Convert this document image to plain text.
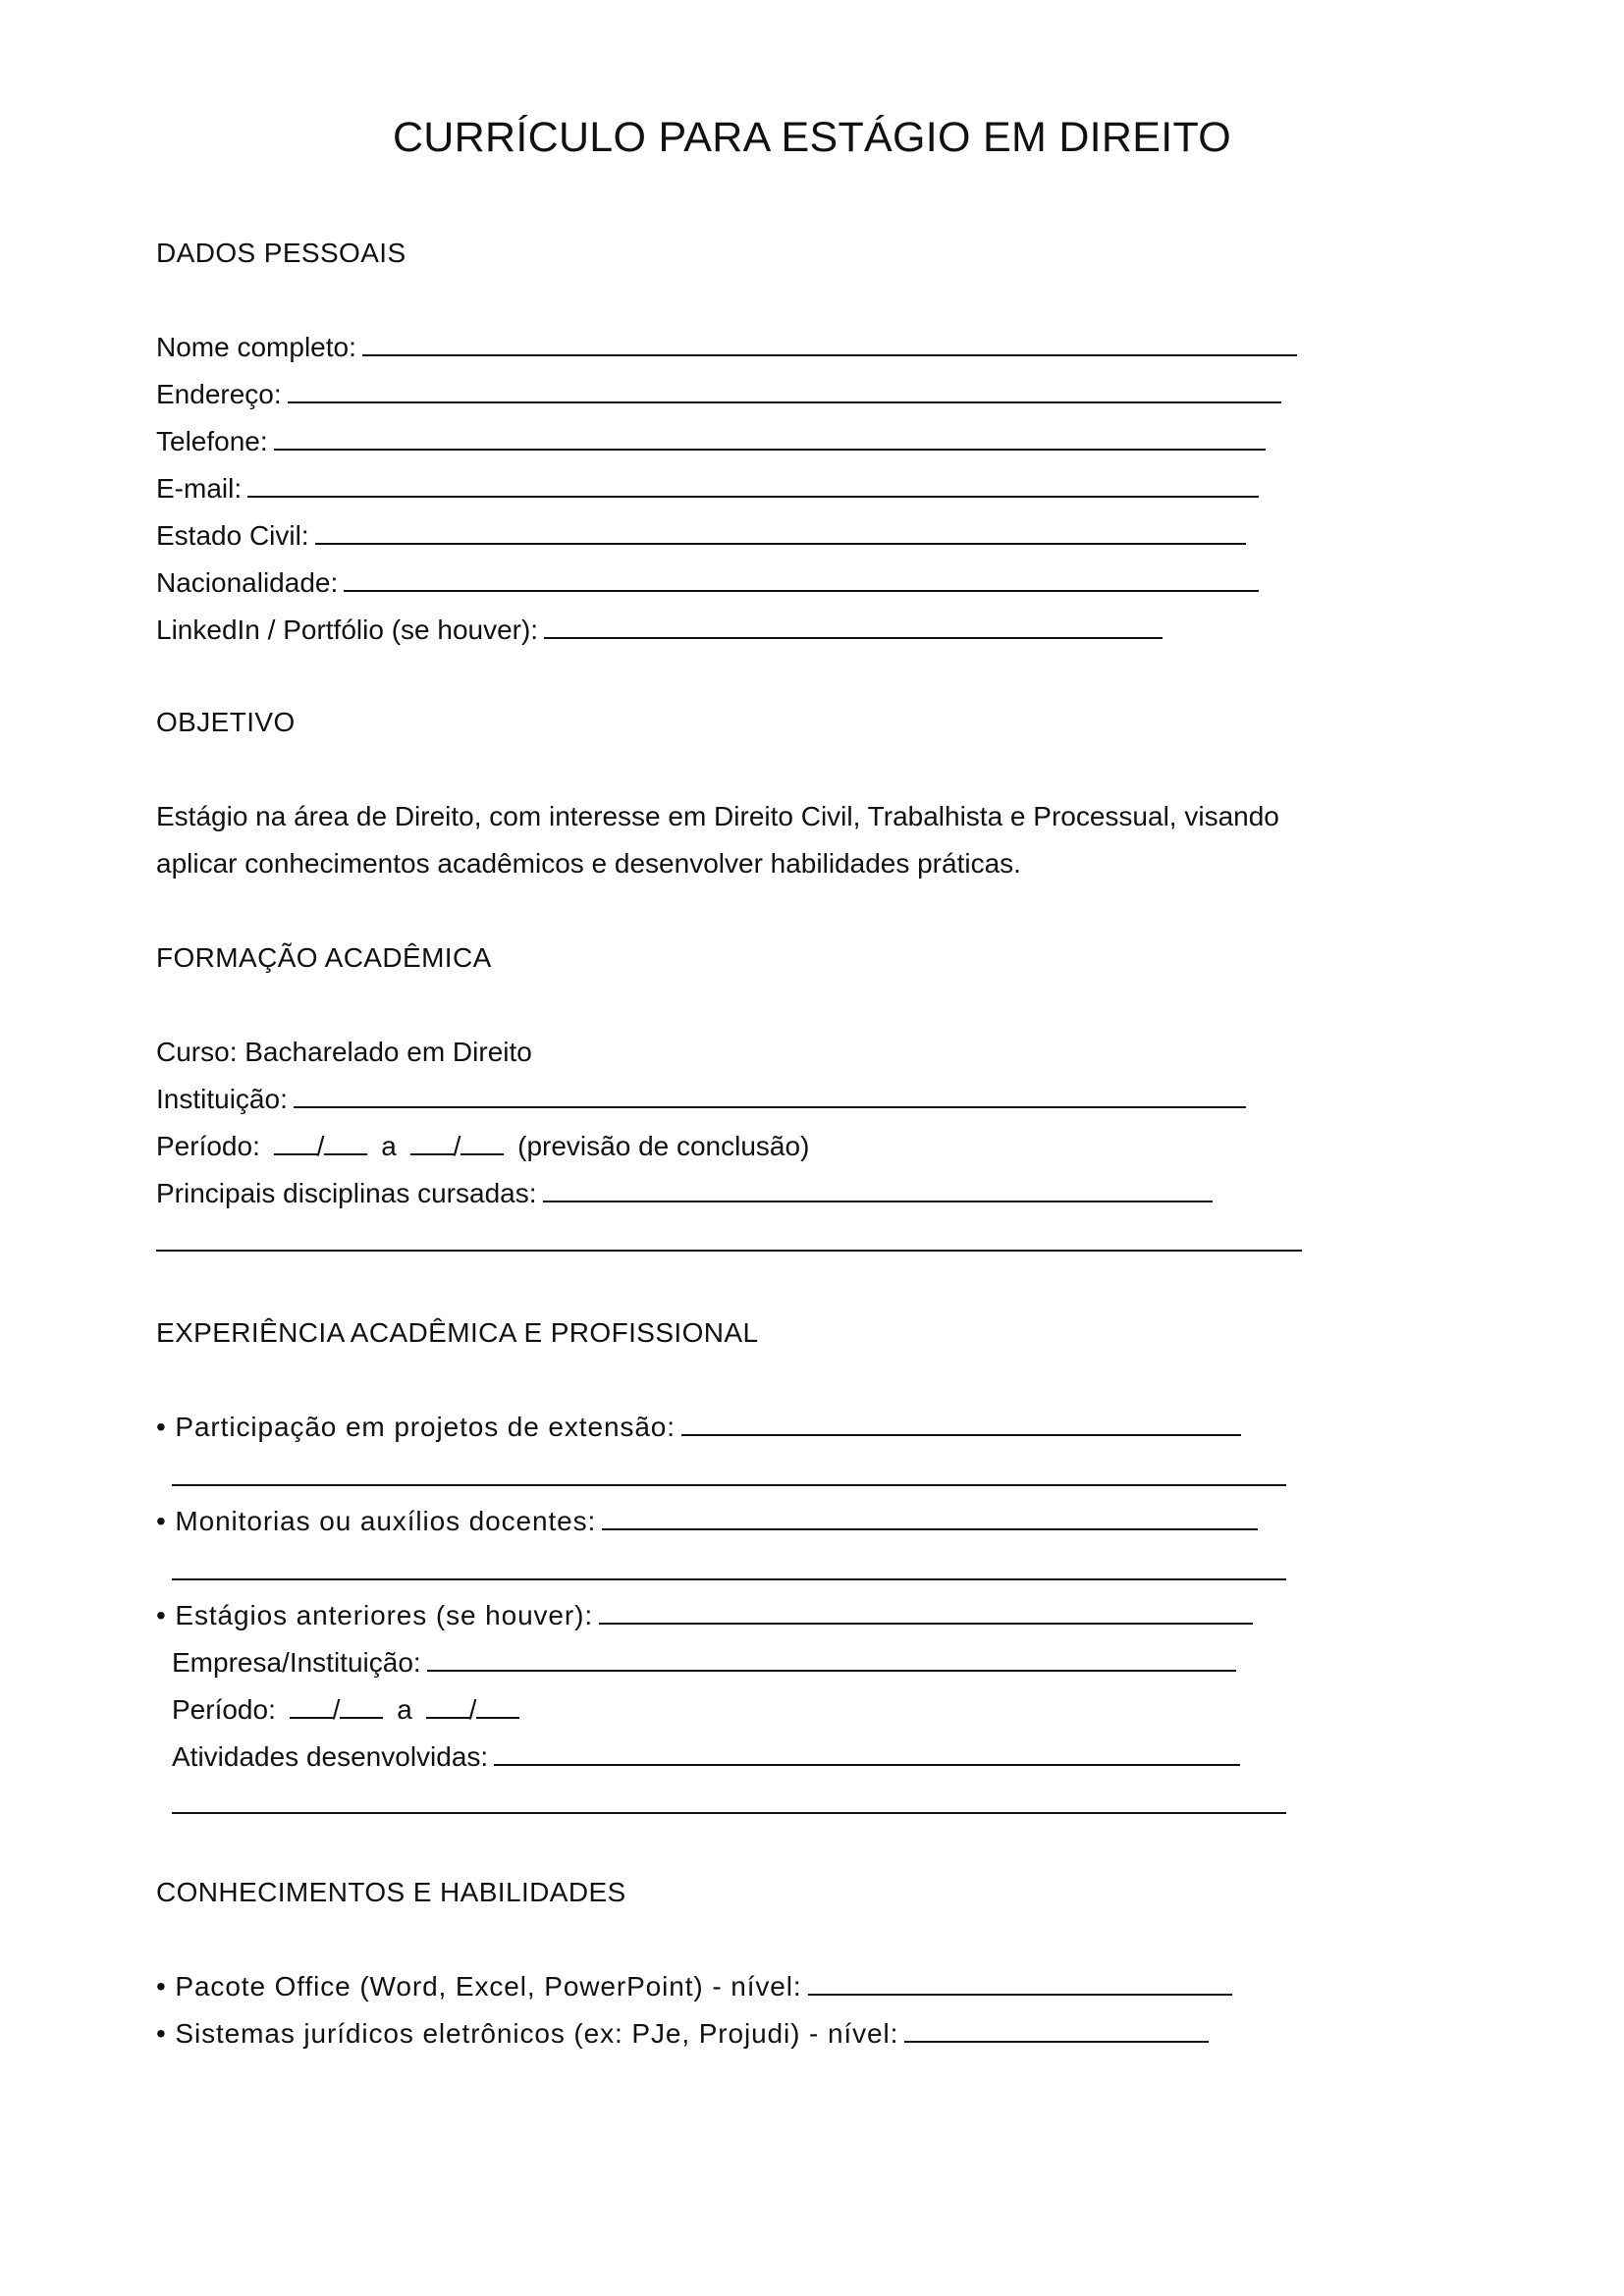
CURRÍCULO PARA ESTÁGIO EM DIREITO
DADOS PESSOAIS
Nome completo:
Endereço:
Telefone:
E-mail:
Estado Civil:
Nacionalidade:
LinkedIn / Portfólio (se houver):
OBJETIVO
Estágio na área de Direito, com interesse em Direito Civil, Trabalhista e Processual, visando
aplicar conhecimentos acadêmicos e desenvolver habilidades práticas.
FORMAÇÃO ACADÊMICA
Curso: Bacharelado em Direito
Instituição:
Período: / a / (previsão de conclusão)
Principais disciplinas cursadas:
EXPERIÊNCIA ACADÊMICA E PROFISSIONAL
• Participação em projetos de extensão:
• Monitorias ou auxílios docentes:
• Estágios anteriores (se houver):
Empresa/Instituição:
Período: / a /
Atividades desenvolvidas:
CONHECIMENTOS E HABILIDADES
• Pacote Office (Word, Excel, PowerPoint) - nível:
• Sistemas jurídicos eletrônicos (ex: PJe, Projudi) - nível:
